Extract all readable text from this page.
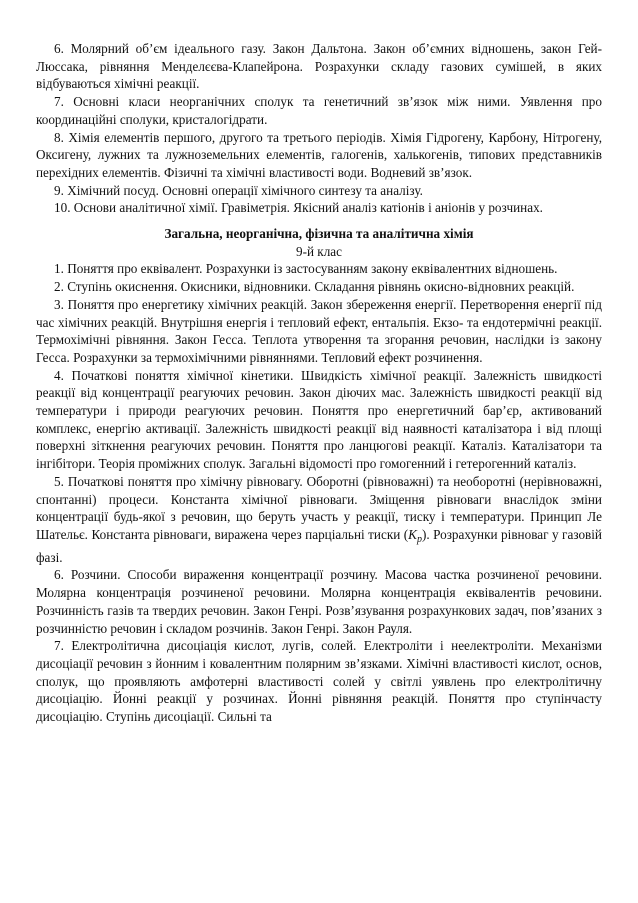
6. Молярний об’єм ідеального газу. Закон Дальтона. Закон об’ємних відношень, закон Гей-Люссака, рівняння Менделєєва-Клапейрона. Розрахунки складу газових сумішей, в яких відбуваються хімічні реакції.

7. Основні класи неорганічних сполук та генетичний зв’язок між ними. Уявлення про координаційні сполуки, кристалогідрати.

8. Хімія елементів першого, другого та третього періодів. Хімія Гідрогену, Карбону, Нітрогену, Оксигену, лужних та лужноземельних елементів, галогенів, халькогенів, типових представників перехідних елементів. Фізичні та хімічні властивості води. Водневий зв’язок.

9. Хімічний посуд. Основні операції хімічного синтезу та аналізу.

10. Основи аналітичної хімії. Гравіметрія. Якісний аналіз катіонів і аніонів у розчинах.

Загальна, неорганічна, фізична та аналітична хімія

9-й клас

1. Поняття про еквівалент. Розрахунки із застосуванням закону еквівалентних відношень.

2. Ступінь окиснення. Окисники, відновники. Складання рівнянь окисно-відновних реакцій.

3. Поняття про енергетику хімічних реакцій. Закон збереження енергії. Перетворення енергії під час хімічних реакцій. Внутрішня енергія і тепловий ефект, ентальпія. Екзо- та ендотермічні реакції. Термохімічні рівняння. Закон Гесса. Теплота утворення та згорання речовин, наслідки із закону Гесса. Розрахунки за термохімічними рівняннями. Тепловий ефект розчинення.

4. Початкові поняття хімічної кінетики. Швидкість хімічної реакції. Залежність швидкості реакції від концентрації реагуючих речовин. Закон діючих мас. Залежність швидкості реакції від температури і природи реагуючих речовин. Поняття про енергетичний бар’єр, активований комплекс, енергію активації. Залежність швидкості реакції від наявності каталізатора і від площі поверхні зіткнення реагуючих речовин. Поняття про ланцюгові реакції. Каталіз. Каталізатори та інгібітори. Теорія проміжних сполук. Загальні відомості про гомогенний і гетерогенний каталіз.

5. Початкові поняття про хімічну рівновагу. Оборотні (рівноважні) та необоротні (нерівноважні, спонтанні) процеси. Константа хімічної рівноваги. Зміщення рівноваги внаслідок зміни концентрації будь-якої з речовин, що беруть участь у реакції, тиску і температури. Принцип Ле Шательє. Константа рівноваги, виражена через парціальні тиски $(K_p)$. Розрахунки рівноваг у газовій фазі.

6. Розчини. Способи вираження концентрації розчину. Масова частка розчиненої речовини. Молярна концентрація розчиненої речовини. Молярна концентрація еквівалентів речовини. Розчинність газів та твердих речовин. Закон Генрі. Розв’язування розрахункових задач, пов’язаних з розчинністю речовин і складом розчинів. Закон Генрі. Закон Рауля.

7. Електролітична дисоціація кислот, лугів, солей. Електроліти і неелектроліти. Механізми дисоціації речовин з йонним і ковалентним полярним зв’язками. Хімічні властивості кислот, основ, сполук, що проявляють амфотерні властивості солей у світлі уявлень про електролітичну дисоціацію. Йонні реакції у розчинах. Йонні рівняння реакцій. Поняття про ступінчасту дисоціацію. Ступінь дисоціації. Сильні та
